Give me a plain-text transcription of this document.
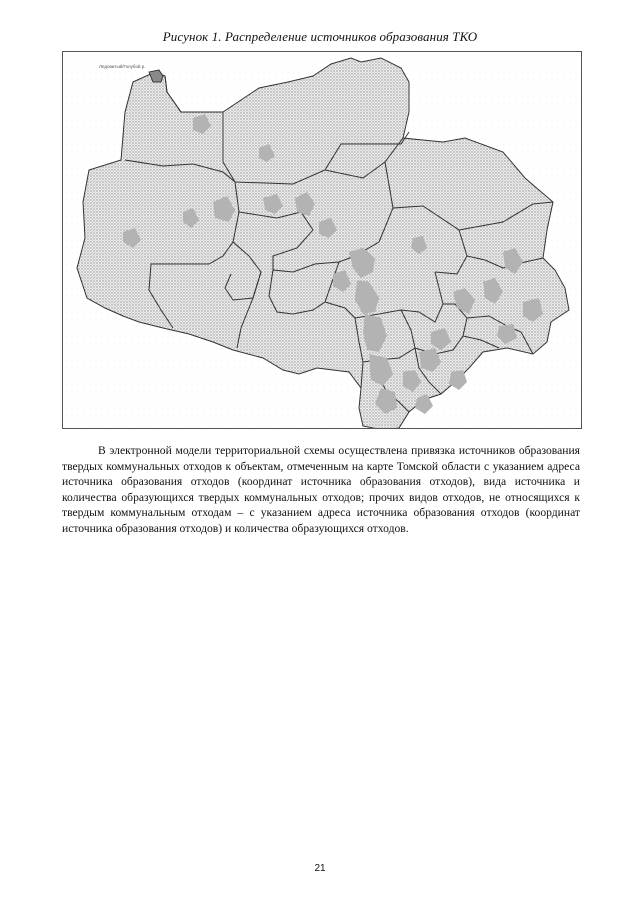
Рисунок 1. Распределение источников образования ТКО
Ледовитый/Голубой р.

В электронной модели территориальной схемы осуществлена привязка источников образования твердых коммунальных отходов к объектам, отмеченным на карте Томской области с указанием адреса источника образования отходов (координат источника образования отходов), вида источника и количества образующихся твердых коммунальных отходов; прочих видов отходов, не относящихся к твердым коммунальным отходам – с указанием адреса источника образования отходов (координат источника образования отходов) и количества образующихся отходов.

21
